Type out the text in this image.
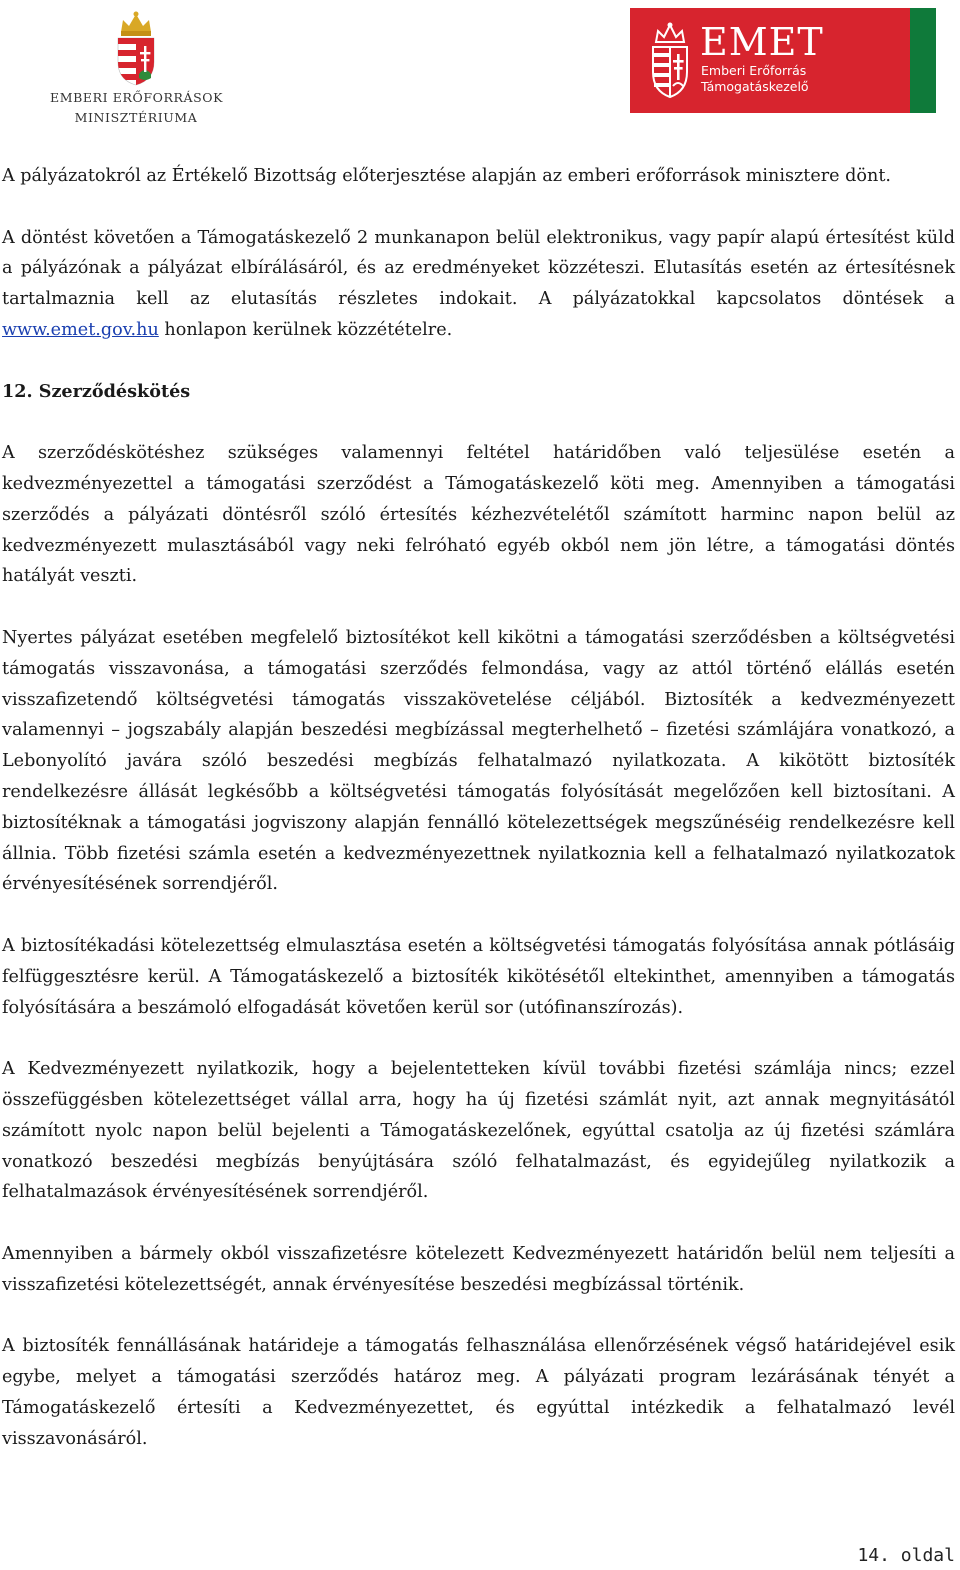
EMBERI ERŐFORRÁSOK
MINISZTÉRIUMA
EMET
Emberi Erőforrás
Támogatáskezelő

A pályázatokról az Értékelő Bizottság előterjesztése alapján az emberi erőforrások minisztere dönt.

A döntést követően a Támogatáskezelő 2 munkanapon belül elektronikus, vagy papír alapú értesítést küld a pályázónak a pályázat elbírálásáról, és az eredményeket közzéteszi. Elutasítás esetén az értesítésnek tartalmaznia kell az elutasítás részletes indokait. A pályázatokkal kapcsolatos döntések a www.emet.gov.hu honlapon kerülnek közzétételre.

12. Szerződéskötés

A szerződéskötéshez szükséges valamennyi feltétel határidőben való teljesülése esetén a kedvezményezettel a támogatási szerződést a Támogatáskezelő köti meg. Amennyiben a támogatási szerződés a pályázati döntésről szóló értesítés kézhezvételétől számított harminc napon belül az kedvezményezett mulasztásából vagy neki felróható egyéb okból nem jön létre, a támogatási döntés hatályát veszti.

Nyertes pályázat esetében megfelelő biztosítékot kell kikötni a támogatási szerződésben a költségvetési támogatás visszavonása, a támogatási szerződés felmondása, vagy az attól történő elállás esetén visszafizetendő költségvetési támogatás visszakövetelése céljából. Biztosíték a kedvezményezett valamennyi – jogszabály alapján beszedési megbízással megterhelhető – fizetési számlájára vonatkozó, a Lebonyolító javára szóló beszedési megbízás felhatalmazó nyilatkozata. A kikötött biztosíték rendelkezésre állását legkésőbb a költségvetési támogatás folyósítását megelőzően kell biztosítani. A biztosítéknak a támogatási jogviszony alapján fennálló kötelezettségek megszűnéséig rendelkezésre kell állnia. Több fizetési számla esetén a kedvezményezettnek nyilatkoznia kell a felhatalmazó nyilatkozatok érvényesítésének sorrendjéről.

A biztosítékadási kötelezettség elmulasztása esetén a költségvetési támogatás folyósítása annak pótlásáig felfüggesztésre kerül. A Támogatáskezelő a biztosíték kikötésétől eltekinthet, amennyiben a támogatás folyósítására a beszámoló elfogadását követően kerül sor (utófinanszírozás).

A Kedvezményezett nyilatkozik, hogy a bejelentetteken kívül további fizetési számlája nincs; ezzel összefüggésben kötelezettséget vállal arra, hogy ha új fizetési számlát nyit, azt annak megnyitásától számított nyolc napon belül bejelenti a Támogatáskezelőnek, egyúttal csatolja az új fizetési számlára vonatkozó beszedési megbízás benyújtására szóló felhatalmazást, és egyidejűleg nyilatkozik a felhatalmazások érvényesítésének sorrendjéről.

Amennyiben a bármely okból visszafizetésre kötelezett Kedvezményezett határidőn belül nem teljesíti a visszafizetési kötelezettségét, annak érvényesítése beszedési megbízással történik.

A biztosíték fennállásának határideje a támogatás felhasználása ellenőrzésének végső határidejével esik egybe, melyet a támogatási szerződés határoz meg. A pályázati program lezárásának tényét a Támogatáskezelő értesíti a Kedvezményezettet, és egyúttal intézkedik a felhatalmazó levél visszavonásáról.

14. oldal
